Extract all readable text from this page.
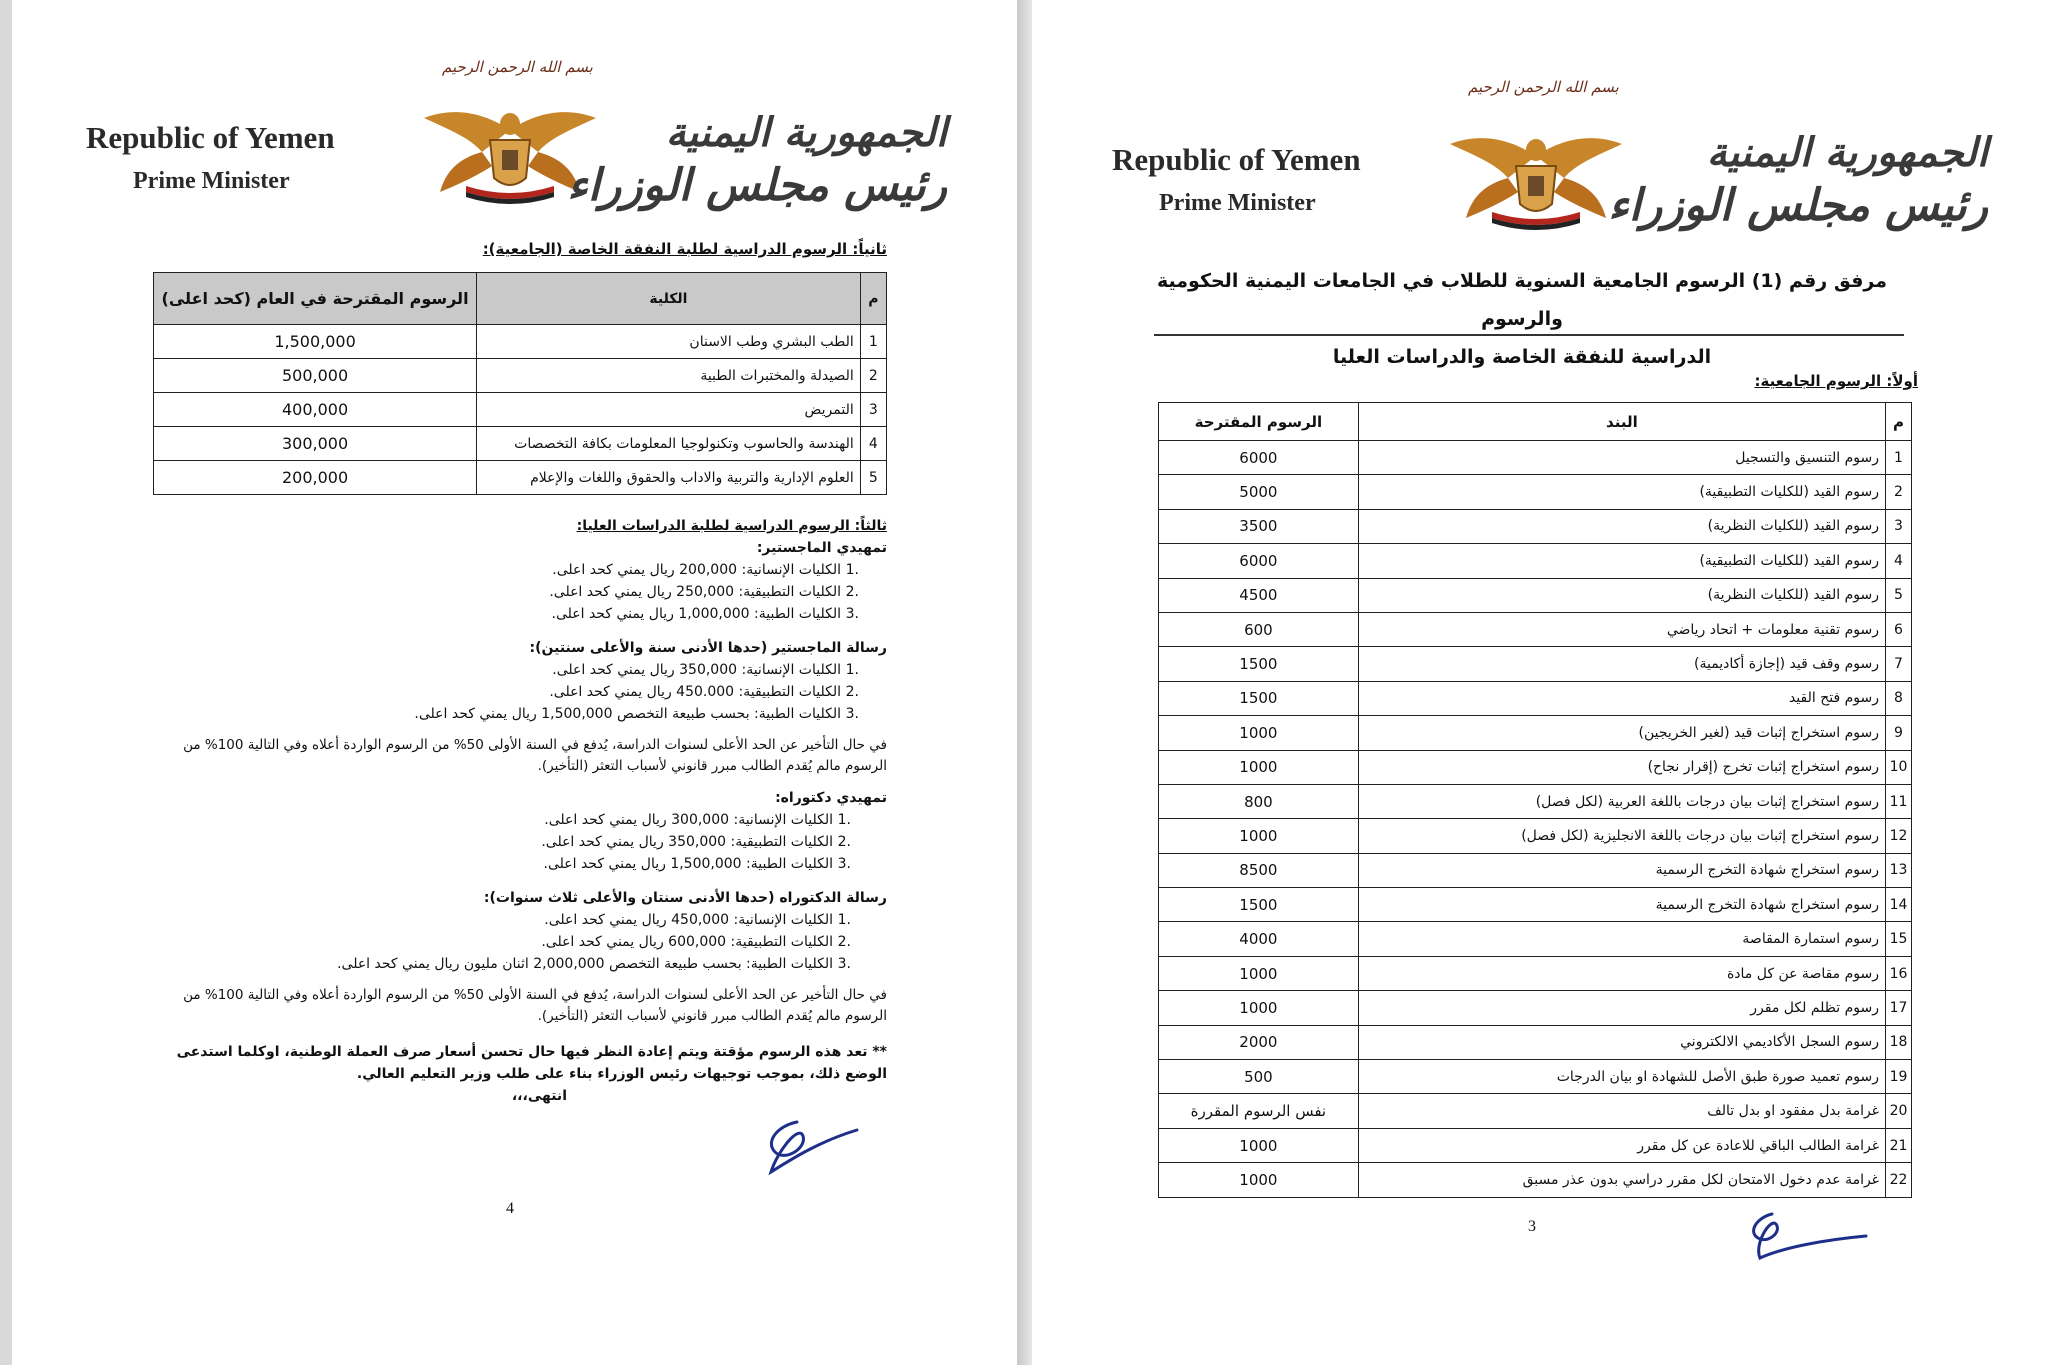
بسم الله الرحمن الرحيم
Republic of Yemen
Prime Minister
الجمهورية اليمنية
رئيس مجلس الوزراء
ثانياً: الرسوم الدراسية لطلبة النفقة الخاصة (الجامعية):
م	الكلية	الرسوم المقترحة في العام (كحد اعلى)
1	الطب البشري وطب الاسنان	1,500,000
2	الصيدلة والمختبرات الطبية	500,000
3	التمريض	400,000
4	الهندسة والحاسوب وتكنولوجيا المعلومات بكافة التخصصات	300,000
5	العلوم الإدارية والتربية والاداب والحقوق واللغات والإعلام	200,000
ثالثاً: الرسوم الدراسية لطلبة الدراسات العليا:
تمهيدي الماجستير:
.1
الكليات الإنسانية: 200,000 ريال يمني كحد اعلى.
.2
الكليات التطبيقية: 250,000 ريال يمني كحد اعلى.
.3
الكليات الطبية: 1,000,000 ريال يمني كحد اعلى.
رسالة الماجستير (حدها الأدنى سنة والأعلى سنتين):
.1
الكليات الإنسانية: 350,000 ريال يمني كحد اعلى.
.2
الكليات التطبيقية: 450.000 ريال يمني كحد اعلى.
.3
الكليات الطبية: بحسب طبيعة التخصص 1,500,000 ريال يمني كحد اعلى.
في حال التأخير عن الحد الأعلى لسنوات الدراسة، يُدفع في السنة الأولى 50% من الرسوم الواردة أعلاه وفي التالية 100% من الرسوم مالم يُقدم الطالب مبرر قانوني لأسباب التعثر (التأخير).
تمهيدي دكتوراه:
.1
الكليات الإنسانية: 300,000 ريال يمني كحد اعلى.
.2
الكليات التطبيقية: 350,000 ريال يمني كحد اعلى.
.3
الكليات الطبية: 1,500,000 ريال يمني كحد اعلى.
رسالة الدكتوراه (حدها الأدنى سنتان والأعلى ثلاث سنوات):
.1
الكليات الإنسانية: 450,000 ريال يمني كحد اعلى.
.2
الكليات التطبيقية: 600,000 ريال يمني كحد اعلى.
.3
الكليات الطبية: بحسب طبيعة التخصص 2,000,000 اثنان مليون ريال يمني كحد اعلى.
في حال التأخير عن الحد الأعلى لسنوات الدراسة، يُدفع في السنة الأولى 50% من الرسوم الواردة أعلاه وفي التالية 100% من الرسوم مالم يُقدم الطالب مبرر قانوني لأسباب التعثر (التأخير).
** تعد هذه الرسوم مؤقتة ويتم إعادة النظر فيها حال تحسن أسعار صرف العملة الوطنية، اوكلما استدعى الوضع ذلك، بموجب توجيهات رئيس الوزراء بناء على طلب وزير التعليم العالي.
انتهى،،،
4
بسم الله الرحمن الرحيم
Republic of Yemen
Prime Minister
الجمهورية اليمنية
رئيس مجلس الوزراء
مرفق رقم (1) الرسوم الجامعية السنوية للطلاب في الجامعات اليمنية الحكومية والرسوم
الدراسية للنفقة الخاصة والدراسات العليا
أولاً: الرسوم الجامعية:
م	البند	الرسوم المقترحة
1	رسوم التنسيق والتسجيل	6000
2	رسوم القيد (للكليات التطبيقية)	5000
3	رسوم القيد (للكليات النظرية)	3500
4	رسوم القيد (للكليات التطبيقية)	6000
5	رسوم القيد (للكليات النظرية)	4500
6	رسوم تقنية معلومات + اتحاد رياضي	600
7	رسوم وقف قيد (إجازة أكاديمية)	1500
8	رسوم فتح القيد	1500
9	رسوم استخراج إثبات قيد (لغير الخريجين)	1000
10	رسوم استخراج إثبات تخرج (إقرار نجاح)	1000
11	رسوم استخراج إثبات بيان درجات باللغة العربية (لكل فصل)	800
12	رسوم استخراج إثبات بيان درجات باللغة الانجليزية (لكل فصل)	1000
13	رسوم استخراج شهادة التخرج الرسمية	8500
14	رسوم استخراج شهادة التخرج الرسمية	1500
15	رسوم استمارة المقاصة	4000
16	رسوم مقاصة عن كل مادة	1000
17	رسوم تظلم لكل مقرر	1000
18	رسوم السجل الأكاديمي الالكتروني	2000
19	رسوم تعميد صورة طبق الأصل للشهادة او بيان الدرجات	500
20	غرامة بدل مفقود او بدل تالف	نفس الرسوم المقررة
21	غرامة الطالب الباقي للاعادة عن كل مقرر	1000
22	غرامة عدم دخول الامتحان لكل مقرر دراسي بدون عذر مسبق	1000
3
